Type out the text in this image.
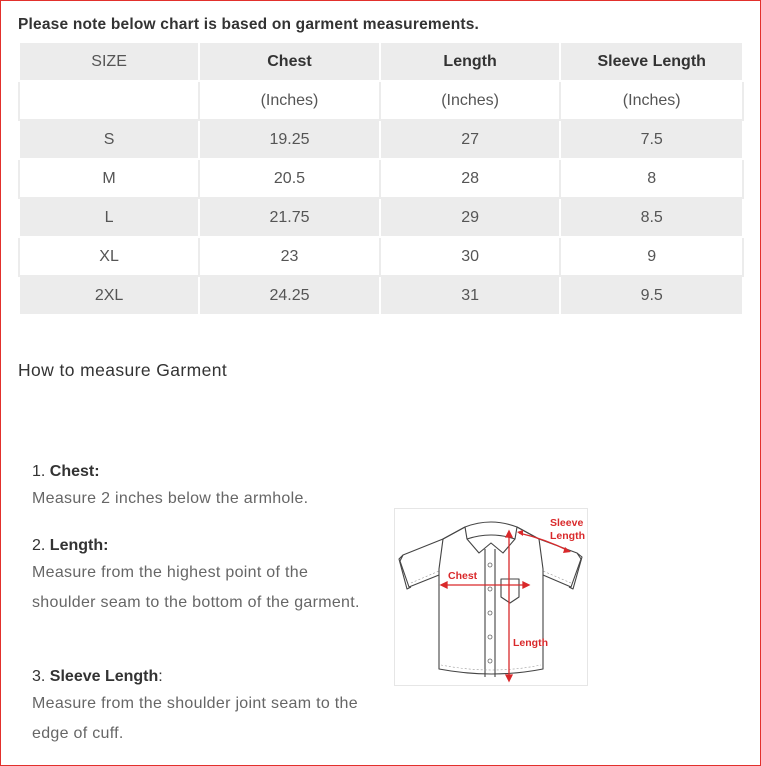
Please note below chart is based on garment measurements.
SIZE	Chest	Length	Sleeve Length
	(Inches)	(Inches)	(Inches)
S	19.25	27	7.5
M	20.5	28	8
L	21.75	29	8.5
XL	23	30	9
2XL	24.25	31	9.5
How to measure Garment
1. Chest:
Measure 2 inches below the armhole.
2. Length:
Measure from the highest point of the shoulder seam to the bottom of the garment.
3. Sleeve Length:
Measure from the shoulder joint seam to the edge of cuff.
Chest
Length
Sleeve
Length
